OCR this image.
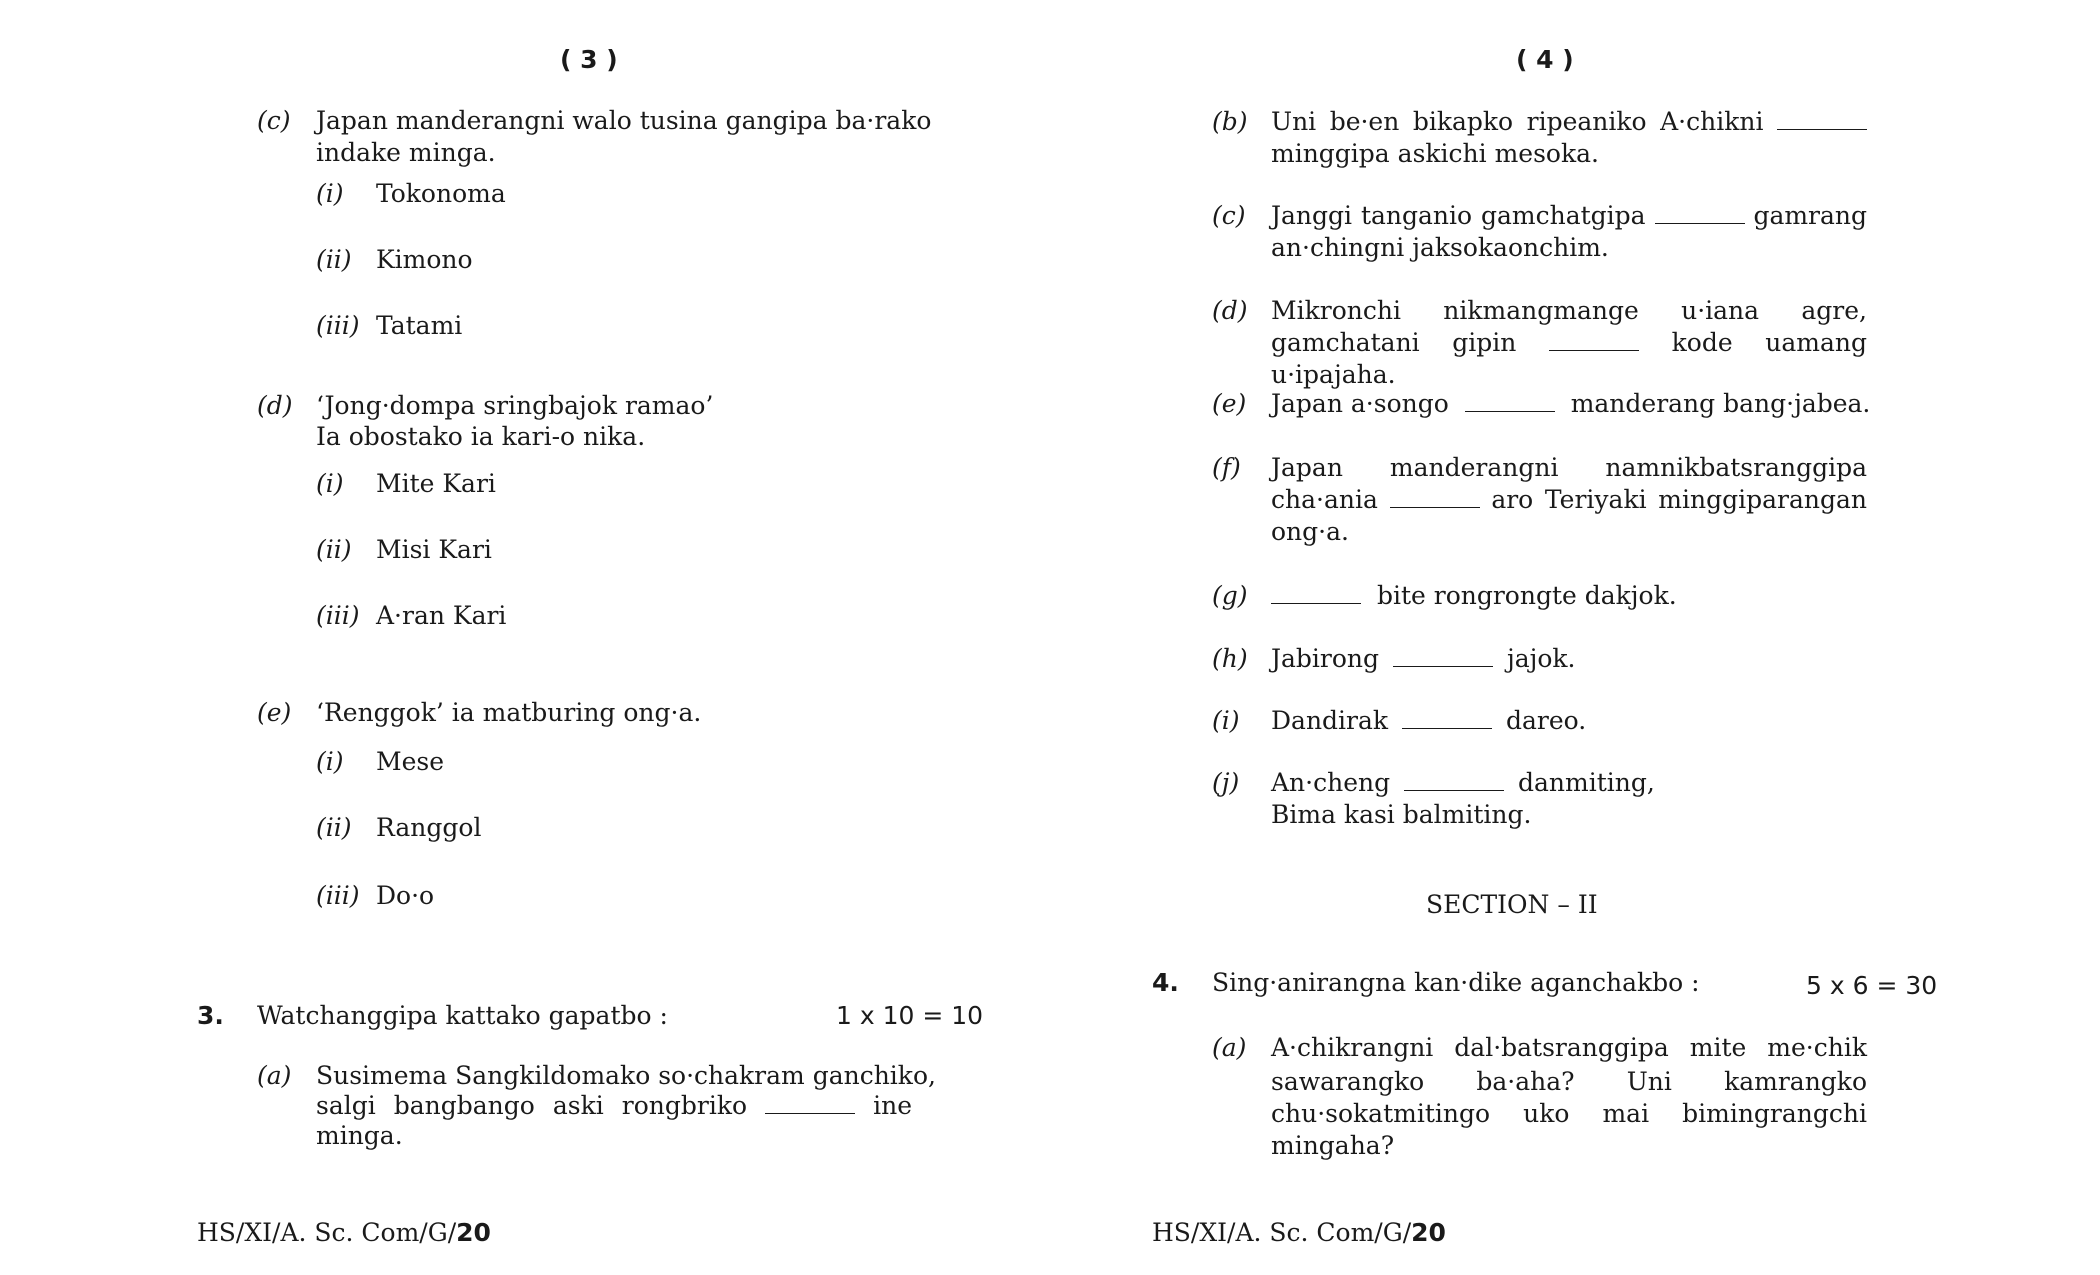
( 3 )
(c) Japan manderangni walo tusina gangipa ba·rako
indake minga.
(i) Tokonoma
(ii) Kimono
(iii) Tatami
(d) ‘Jong·dompa sringbajok ramao’
Ia obostako ia kari-o nika.
(i) Mite Kari
(ii) Misi Kari
(iii) A·ran Kari
(e) ‘Renggok’ ia matburing ong·a.
(i) Mese
(ii) Ranggol
(iii) Do·o
3. Watchanggipa kattako gapatbo :	1 x 10 = 10
(a) Susimema Sangkildomako so·chakram ganchiko,
salgi bangbango aski rongbriko	ine
minga.
HS/XI/A. Sc. Com/G/20
( 4 )
(b) Uni be·en bikapko ripeaniko A·chikni
minggipa askichi mesoka.
(c) Janggi tanganio gamchatgipa	gamrang
an·chingni jaksokaonchim.
(d) Mikronchi nikmangmange u·iana agre,
gamchatani gipin	kode uamang u·ipajaha.
(e) Japan a·songo	manderang bang·jabea.
(f) Japan manderangni namnikbatsranggipa
cha·ania	aro Teriyaki minggiparangan
ong·a.
(g)	bite rongrongte dakjok.
(h) Jabirong	jajok.
(i) Dandirak	dareo.
(j) An·cheng	danmiting,
Bima kasi balmiting.
SECTION – II
4. Sing·anirangna kan·dike aganchakbo :	5 x 6 = 30
(a) A·chikrangni dal·batsranggipa mite me·chik
sawarangko ba·aha? Uni kamrangko
chu·sokatmitingo uko mai bimingrangchi
mingaha?
HS/XI/A. Sc. Com/G/20
